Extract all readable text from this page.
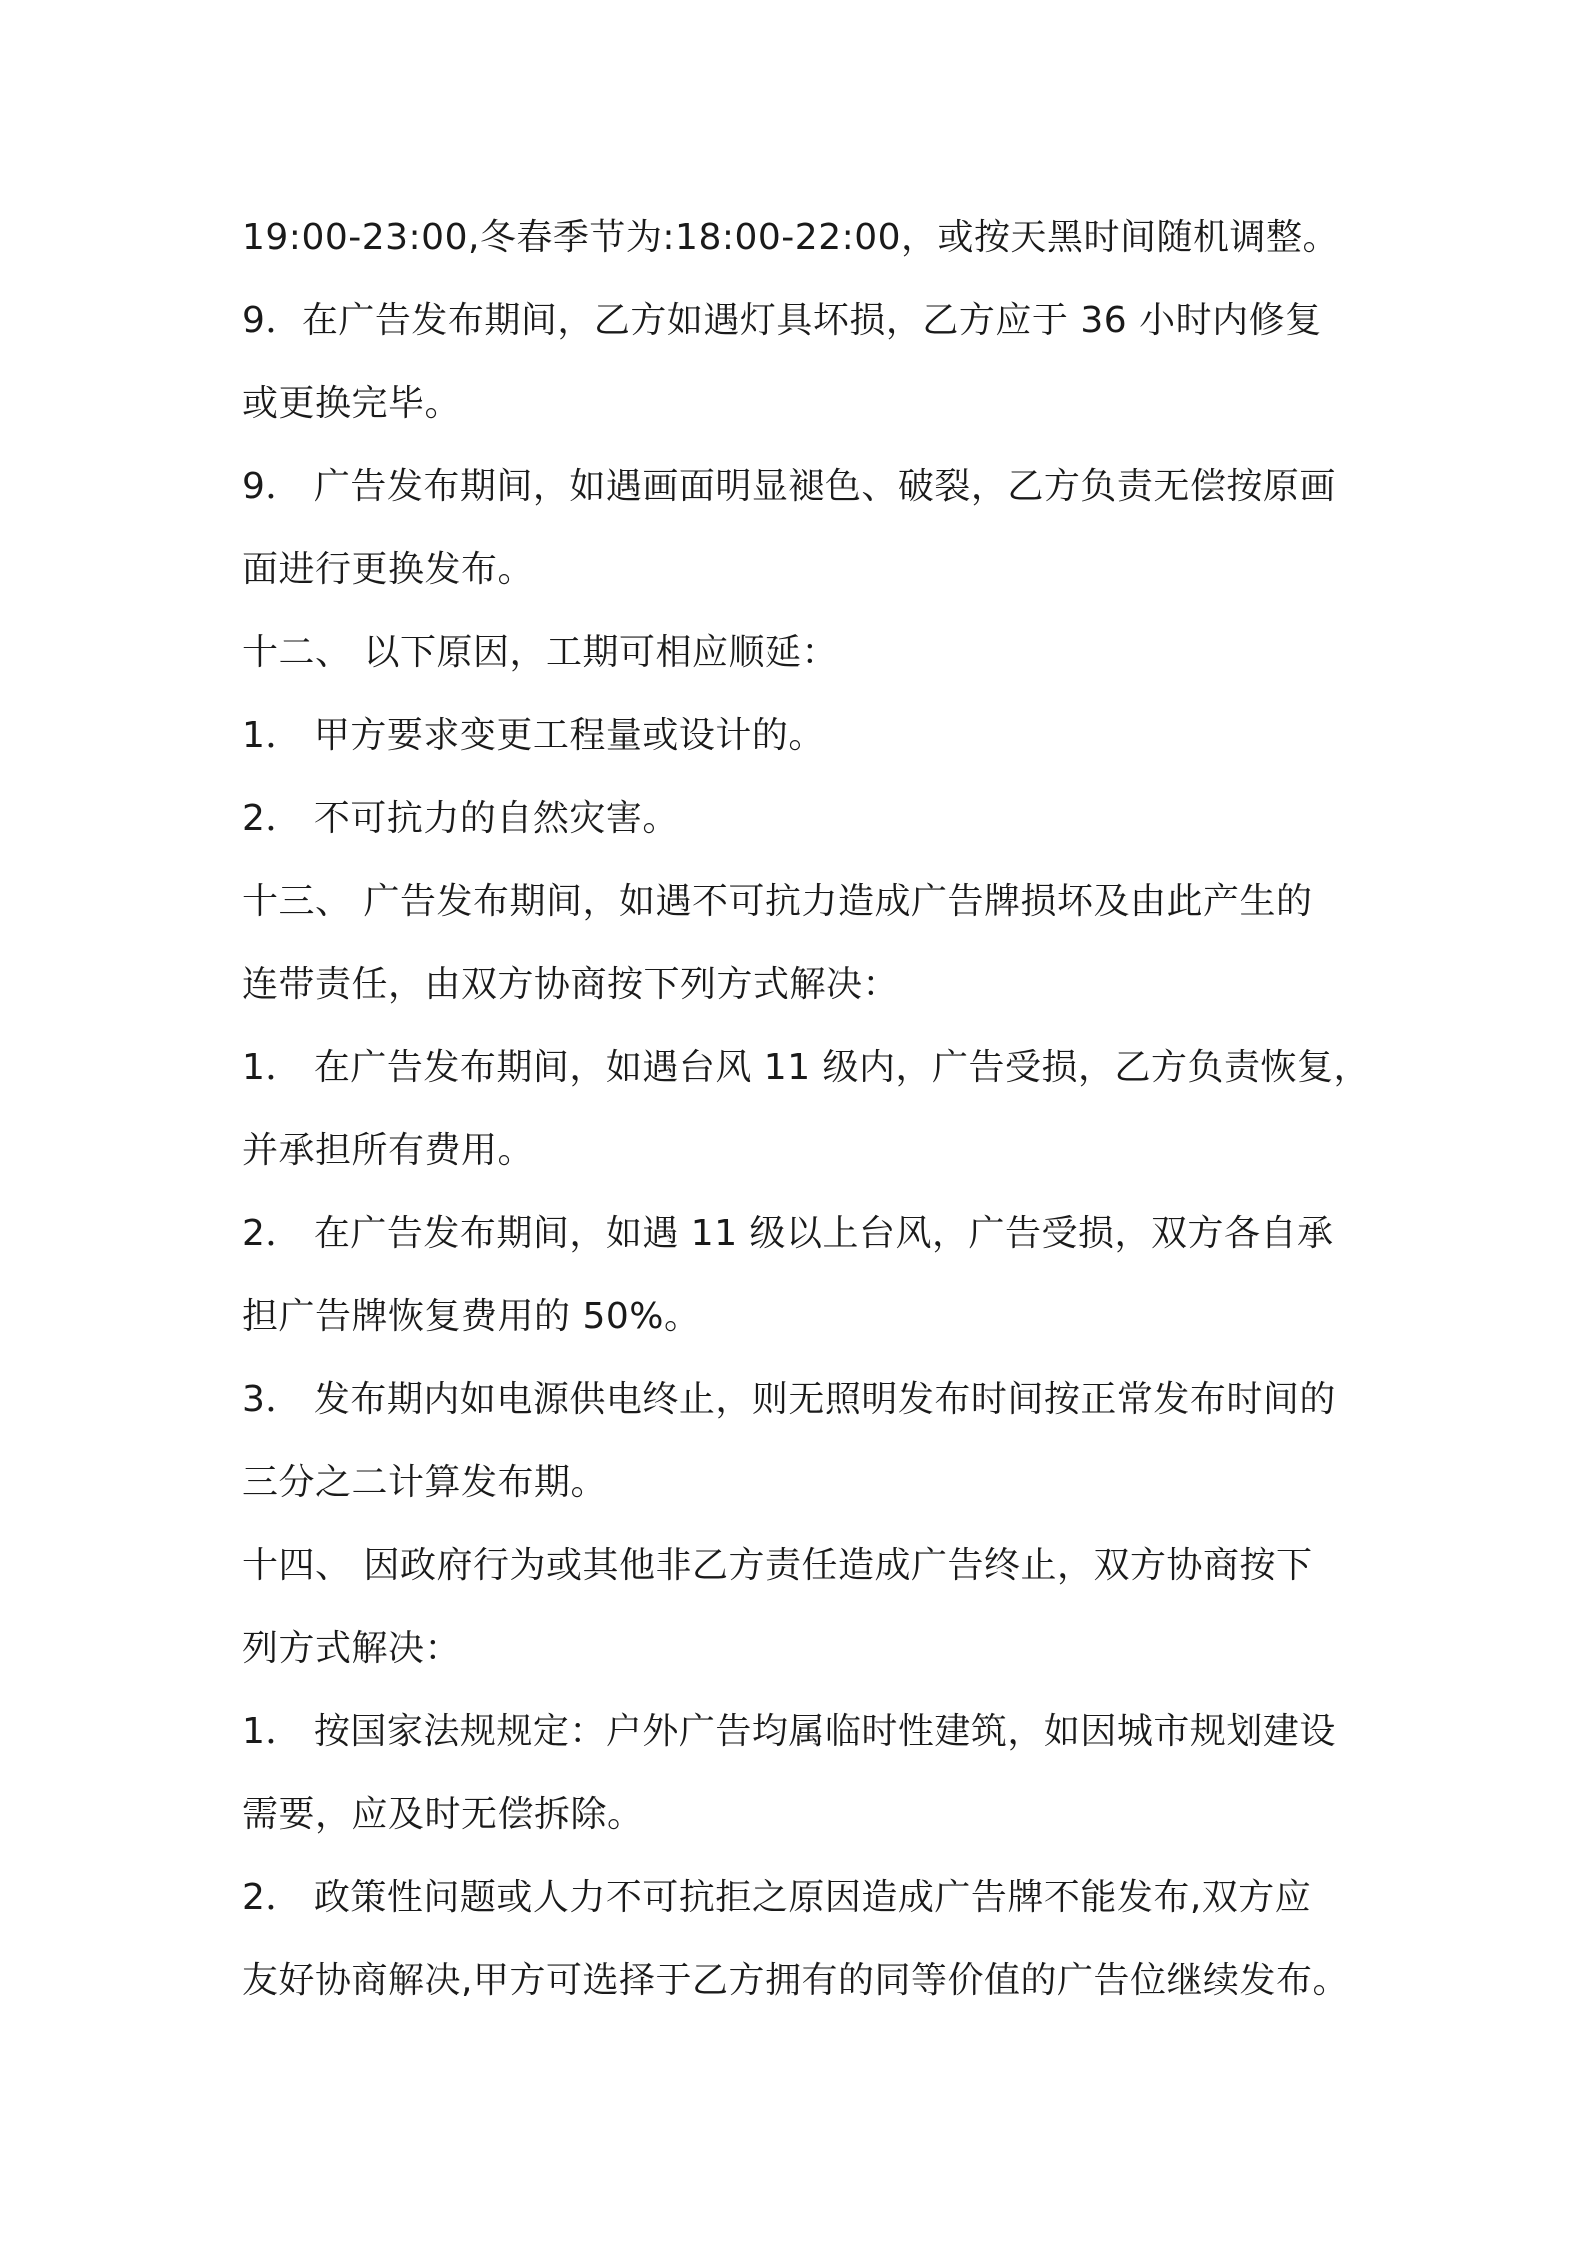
19:00-23:00,冬春季节为:18:00-22:00，或按天黑时间随机调整。
9．在广告发布期间，乙方如遇灯具坏损，乙方应于 36 小时内修复
或更换完毕。
9． 广告发布期间，如遇画面明显褪色、破裂，乙方负责无偿按原画
面进行更换发布。
十二、 以下原因，工期可相应顺延：
1． 甲方要求变更工程量或设计的。
2． 不可抗力的自然灾害。
十三、 广告发布期间，如遇不可抗力造成广告牌损坏及由此产生的
连带责任，由双方协商按下列方式解决：
1． 在广告发布期间，如遇台风 11 级内，广告受损，乙方负责恢复，
并承担所有费用。
2． 在广告发布期间，如遇 11 级以上台风，广告受损，双方各自承
担广告牌恢复费用的 50%。
3． 发布期内如电源供电终止，则无照明发布时间按正常发布时间的
三分之二计算发布期。
十四、 因政府行为或其他非乙方责任造成广告终止，双方协商按下
列方式解决：
1． 按国家法规规定：户外广告均属临时性建筑，如因城市规划建设
需要，应及时无偿拆除。
2． 政策性问题或人力不可抗拒之原因造成广告牌不能发布,双方应
友好协商解决,甲方可选择于乙方拥有的同等价值的广告位继续发布。
